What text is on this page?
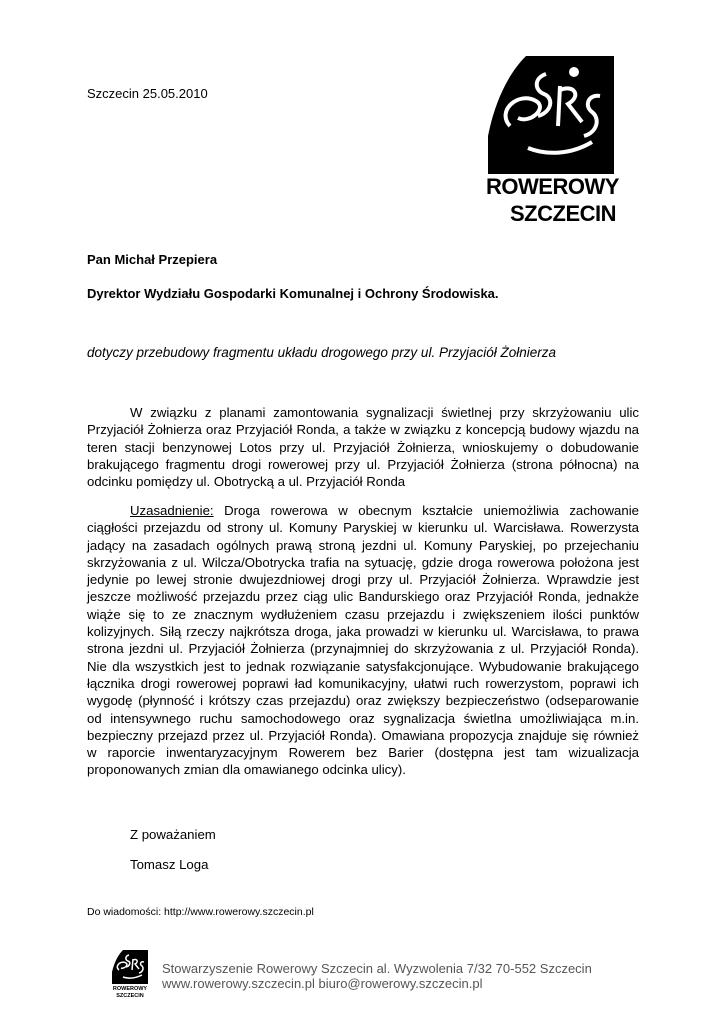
Szczecin 25.05.2010
ROWEROWY
SZCZECIN
Pan Michał Przepiera
Dyrektor Wydziału Gospodarki Komunalnej i Ochrony Środowiska.
dotyczy przebudowy fragmentu układu drogowego przy ul. Przyjaciół Żołnierza
W związku z planami zamontowania sygnalizacji świetlnej przy skrzyżowaniu ulic Przyjaciół Żołnierza oraz Przyjaciół Ronda, a także w związku z koncepcją budowy wjazdu na teren stacji benzynowej Lotos przy ul. Przyjaciół Żołnierza, wnioskujemy o dobudowanie brakującego fragmentu drogi rowerowej przy ul. Przyjaciół Żołnierza (strona północna) na odcinku pomiędzy ul. Obotrycką a ul. Przyjaciół Ronda
Uzasadnienie: Droga rowerowa w obecnym kształcie uniemożliwia zachowanie ciągłości przejazdu od strony ul. Komuny Paryskiej w kierunku ul. Warcisława. Rowerzysta jadący na zasadach ogólnych prawą stroną jezdni ul. Komuny Paryskiej, po przejechaniu skrzyżowania z ul. Wilcza/Obotrycka trafia na sytuację, gdzie droga rowerowa położona jest jedynie po lewej stronie dwujezdniowej drogi przy ul. Przyjaciół Żołnierza. Wprawdzie jest jeszcze możliwość przejazdu przez ciąg ulic Bandurskiego oraz Przyjaciół Ronda, jednakże wiąże się to ze znacznym wydłużeniem czasu przejazdu i zwiększeniem ilości punktów kolizyjnych. Siłą rzeczy najkrótsza droga, jaka prowadzi w kierunku ul. Warcisława, to prawa strona jezdni ul. Przyjaciół Żołnierza (przynajmniej do skrzyżowania z ul. Przyjaciół Ronda). Nie dla wszystkich jest to jednak rozwiązanie satysfakcjonujące. Wybudowanie brakującego łącznika drogi rowerowej poprawi ład komunikacyjny, ułatwi ruch rowerzystom, poprawi ich wygodę (płynność i krótszy czas przejazdu) oraz zwiększy bezpieczeństwo (odseparowanie od intensywnego ruchu samochodowego oraz sygnalizacja świetlna umożliwiająca m.in. bezpieczny przejazd przez ul. Przyjaciół Ronda). Omawiana propozycja znajduje się również w raporcie inwentaryzacyjnym Rowerem bez Barier (dostępna jest tam wizualizacja proponowanych zmian dla omawianego odcinka ulicy).
Z poważaniem
Tomasz Loga
Do wiadomości: http://www.rowerowy.szczecin.pl
ROWEROWY
SZCZECIN
Stowarzyszenie Rowerowy Szczecin al. Wyzwolenia 7/32 70-552 Szczecin
www.rowerowy.szczecin.pl biuro@rowerowy.szczecin.pl
